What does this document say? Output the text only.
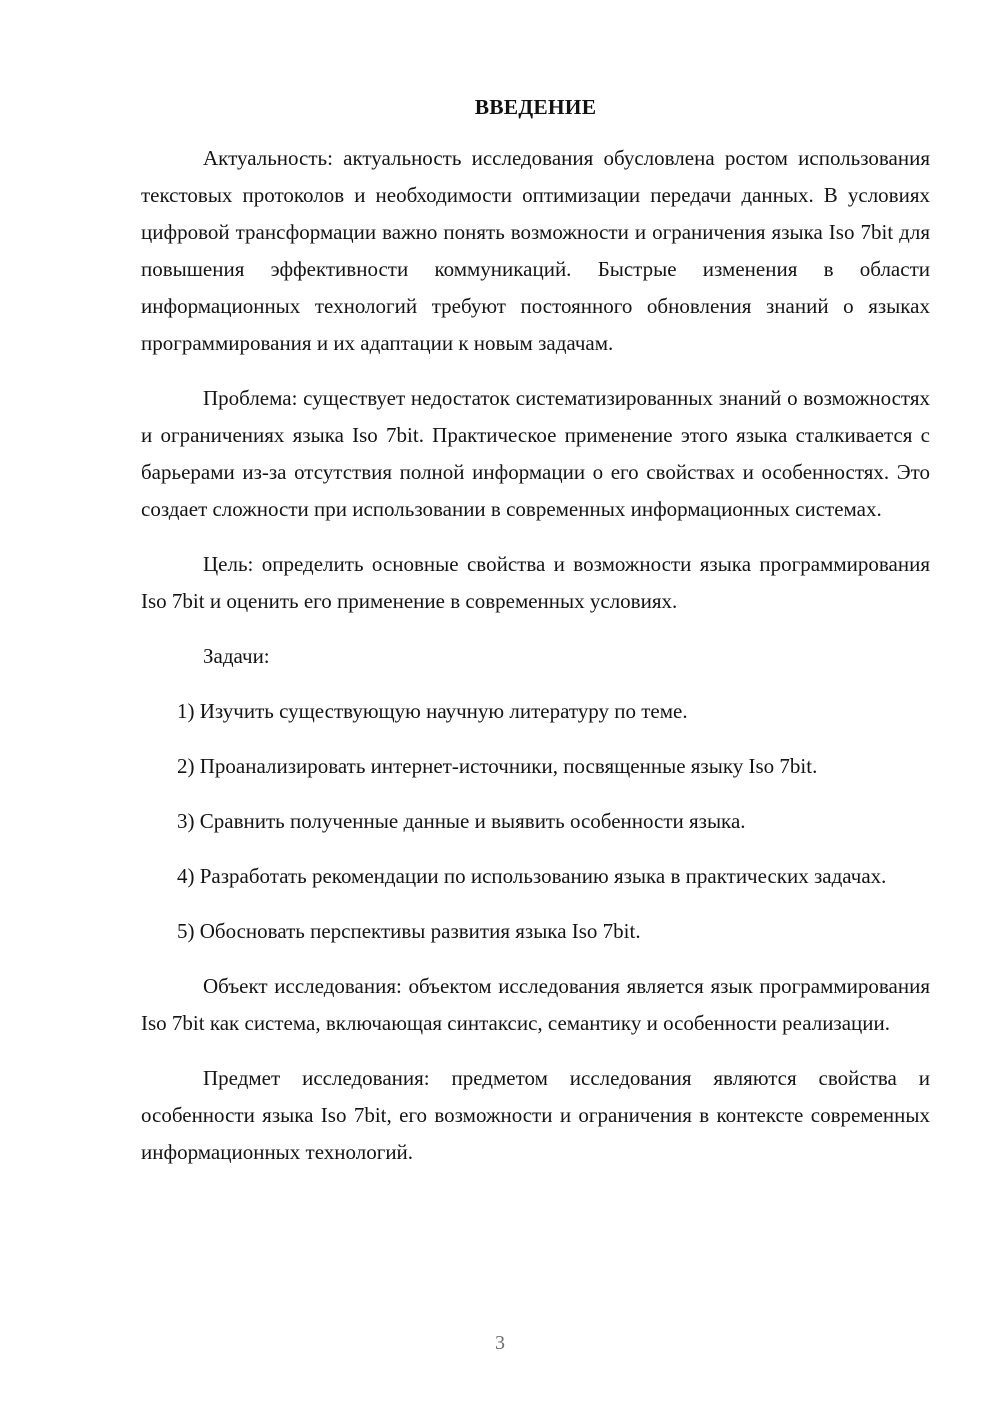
ВВЕДЕНИЕ

Актуальность: актуальность исследования обусловлена ростом использования текстовых протоколов и необходимости оптимизации передачи данных. В условиях цифровой трансформации важно понять возможности и ограничения языка Iso 7bit для повышения эффективности коммуникаций. Быстрые изменения в области информационных технологий требуют постоянного обновления знаний о языках программирования и их адаптации к новым задачам.

Проблема: существует недостаток систематизированных знаний о возможностях и ограничениях языка Iso 7bit. Практическое применение этого языка сталкивается с барьерами из-за отсутствия полной информации о его свойствах и особенностях. Это создает сложности при использовании в современных информационных системах.

Цель: определить основные свойства и возможности языка программирования Iso 7bit и оценить его применение в современных условиях.

Задачи:

1) Изучить существующую научную литературу по теме.

2) Проанализировать интернет-источники, посвященные языку Iso 7bit.

3) Сравнить полученные данные и выявить особенности языка.

4) Разработать рекомендации по использованию языка в практических задачах.

5) Обосновать перспективы развития языка Iso 7bit.

Объект исследования: объектом исследования является язык программирования Iso 7bit как система, включающая синтаксис, семантику и особенности реализации.

Предмет исследования: предметом исследования являются свойства и особенности языка Iso 7bit, его возможности и ограничения в контексте современных информационных технологий.

3
